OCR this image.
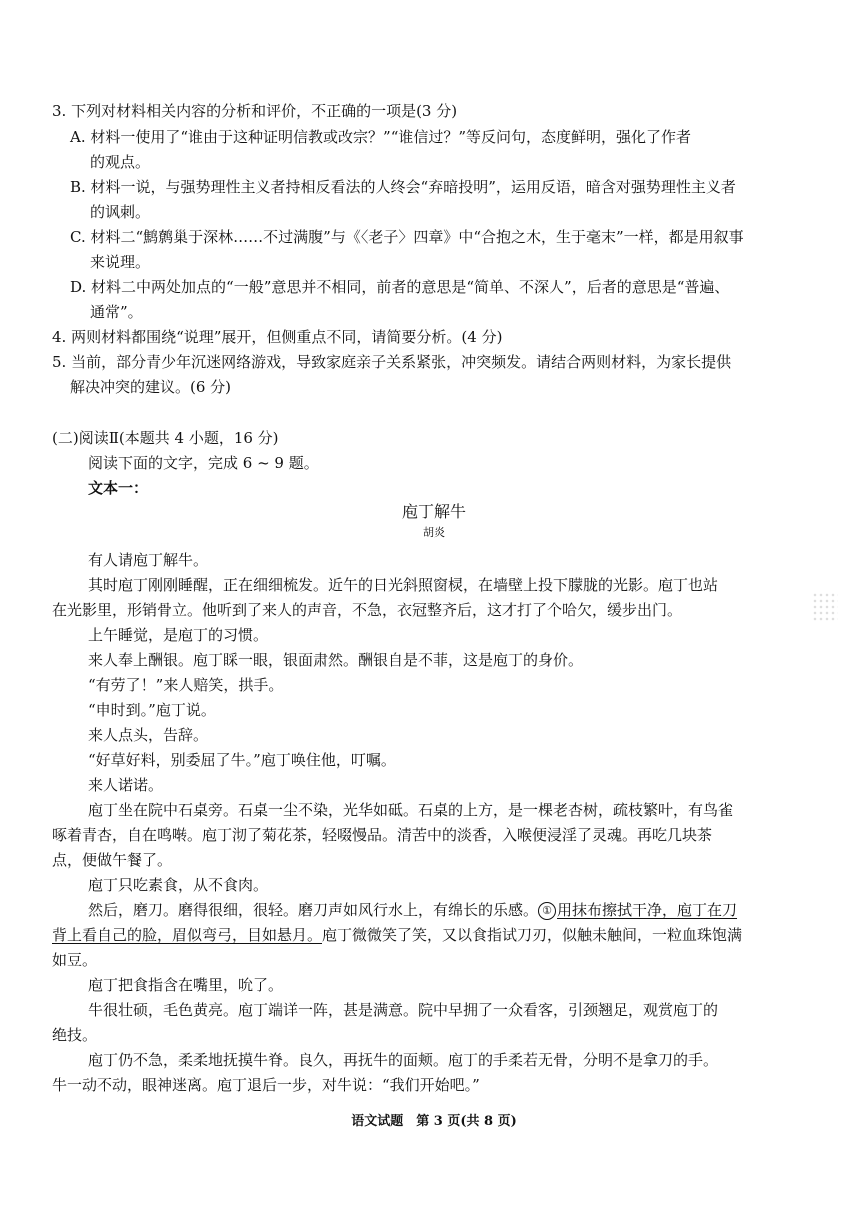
3. 下列对材料相关内容的分析和评价，不正确的一项是(3 分)
A. 材料一使用了“谁由于这种证明信教或改宗？”“谁信过？”等反问句，态度鲜明，强化了作者
的观点。
B. 材料一说，与强势理性主义者持相反看法的人终会“弃暗投明”，运用反语，暗含对强势理性主义者
的讽刺。
C. 材料二“鹪鹩巢于深林……不过满腹”与《〈老子〉四章》中“合抱之木，生于毫末”一样，都是用叙事
来说理。
D. 材料二中两处加点的“一般”意思并不相同，前者的意思是“简单、不深人”，后者的意思是“普遍、
通常”。
4. 两则材料都围绕“说理”展开，但侧重点不同，请简要分析。(4 分)
5. 当前，部分青少年沉迷网络游戏，导致家庭亲子关系紧张，冲突频发。请结合两则材料，为家长提供
解决冲突的建议。(6 分)
(二)阅读Ⅱ(本题共 4 小题，16 分)
阅读下面的文字，完成 6 ~ 9 题。
文本一：
庖丁解牛
胡炎
有人请庖丁解牛。
其时庖丁刚刚睡醒，正在细细梳发。近午的日光斜照窗棂，在墙壁上投下朦胧的光影。庖丁也站
在光影里，形销骨立。他听到了来人的声音，不急，衣冠整齐后，这才打了个哈欠，缓步出门。
上午睡觉，是庖丁的习惯。
来人奉上酬银。庖丁睬一眼，银面肃然。酬银自是不菲，这是庖丁的身价。
“有劳了！”来人赔笑，拱手。
“申时到。”庖丁说。
来人点头，告辞。
“好草好料，别委屈了牛。”庖丁唤住他，叮嘱。
来人诺诺。
庖丁坐在院中石桌旁。石桌一尘不染，光华如砥。石桌的上方，是一棵老杏树，疏枝繁叶，有鸟雀
啄着青杏，自在鸣啭。庖丁沏了菊花茶，轻啜慢品。清苦中的淡香，入喉便浸淫了灵魂。再吃几块茶
点，便做午餐了。
庖丁只吃素食，从不食肉。
然后，磨刀。磨得很细，很轻。磨刀声如风行水上，有绵长的乐感。 ① 用抹布擦拭干净，庖丁在刀
背上看自己的脸，眉似弯弓，目如悬月。庖丁微微笑了笑，又以食指试刀刃，似触未触间，一粒血珠饱满
如豆。
庖丁把食指含在嘴里，吮了。
牛很壮硕，毛色黄亮。庖丁端详一阵，甚是满意。院中早拥了一众看客，引颈翘足，观赏庖丁的
绝技。
庖丁仍不急，柔柔地抚摸牛脊。良久，再抚牛的面颊。庖丁的手柔若无骨，分明不是拿刀的手。
牛一动不动，眼神迷离。庖丁退后一步，对牛说：“我们开始吧。”
语文试题　第 3 页(共 8 页)
